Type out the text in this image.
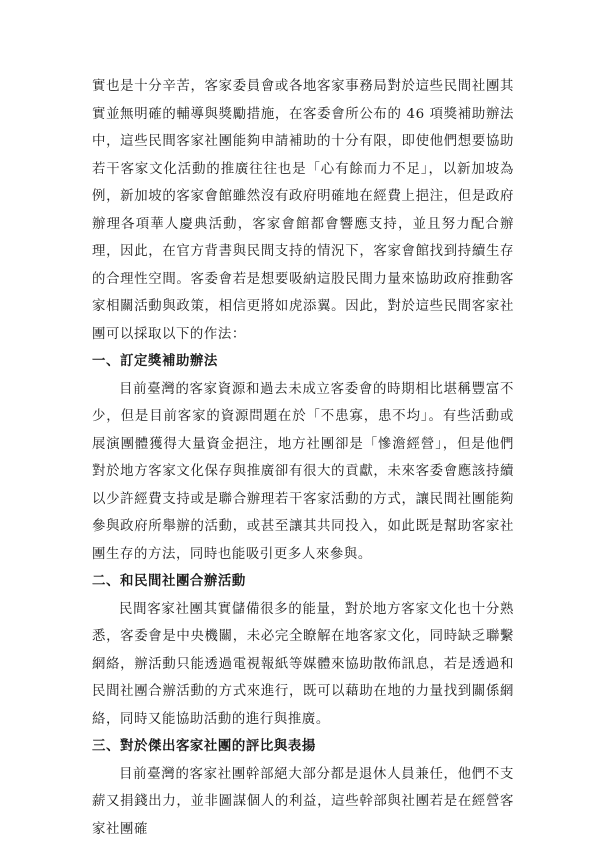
實也是十分辛苦，客家委員會或各地客家事務局對於這些民間社團其實並無明確的輔導與獎勵措施，在客委會所公布的 46 項獎補助辦法中，這些民間客家社團能夠申請補助的十分有限，即使他們想要協助若干客家文化活動的推廣往往也是「心有餘而力不足」，以新加坡為例，新加坡的客家會館雖然沒有政府明確地在經費上挹注，但是政府辦理各項華人慶典活動，客家會館都會響應支持，並且努力配合辦理，因此，在官方背書與民間支持的情況下，客家會館找到持續生存的合理性空間。客委會若是想要吸納這股民間力量來協助政府推動客家相關活動與政策，相信更將如虎添翼。因此，對於這些民間客家社團可以採取以下的作法：

一、訂定獎補助辦法

目前臺灣的客家資源和過去未成立客委會的時期相比堪稱豐富不少，但是目前客家的資源問題在於「不患寡，患不均」。有些活動或展演團體獲得大量資金挹注，地方社團卻是「慘澹經營」，但是他們對於地方客家文化保存與推廣卻有很大的貢獻，未來客委會應該持續以少許經費支持或是聯合辦理若干客家活動的方式，讓民間社團能夠參與政府所舉辦的活動，或甚至讓其共同投入，如此既是幫助客家社團生存的方法，同時也能吸引更多人來參與。

二、和民間社團合辦活動

民間客家社團其實儲備很多的能量，對於地方客家文化也十分熟悉，客委會是中央機關，未必完全瞭解在地客家文化，同時缺乏聯繫網絡，辦活動只能透過電視報紙等媒體來協助散佈訊息，若是透過和民間社團合辦活動的方式來進行，既可以藉助在地的力量找到關係網絡，同時又能協助活動的進行與推廣。

三、對於傑出客家社團的評比與表揚

目前臺灣的客家社團幹部絕大部分都是退休人員兼任，他們不支薪又捐錢出力，並非圖謀個人的利益，這些幹部與社團若是在經營客家社團確
